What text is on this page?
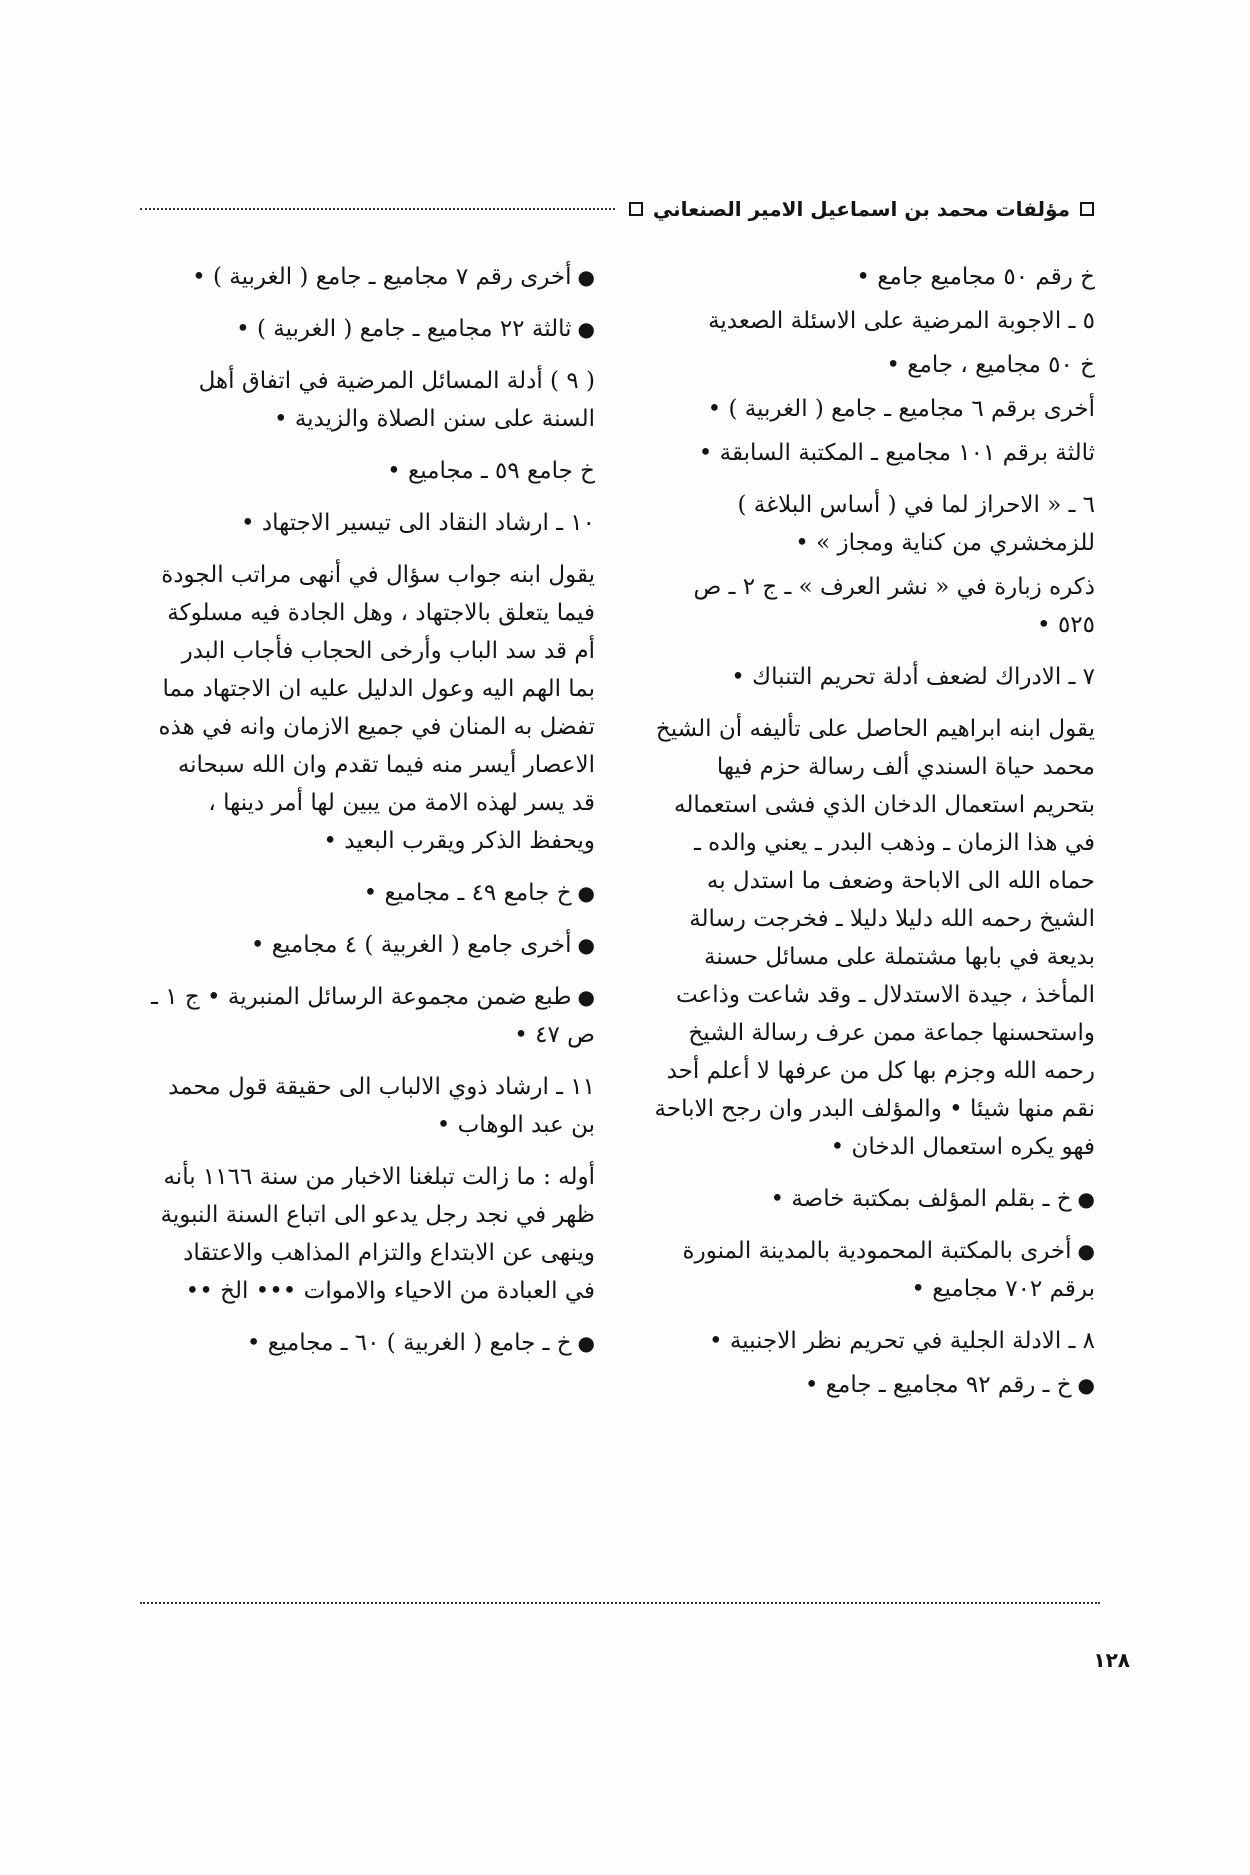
مؤلفات محمد بن اسماعيل الامير الصنعاني
خ رقم ٥٠ مجاميع جامع •
٥ ـ الاجوبة المرضية على الاسئلة الصعدية
خ ٥٠ مجاميع ، جامع •
أخرى برقم ٦ مجاميع ـ جامع ( الغربية ) •
ثالثة برقم ١٠١ مجاميع ـ المكتبة السابقة •
٦ ـ « الاحراز لما في ( أساس البلاغة ) للزمخشري من كناية ومجاز » •
ذكره زبارة في « نشر العرف » ـ ج ٢ ـ ص ٥٢٥ •
٧ ـ الادراك لضعف أدلة تحريم التنباك •
يقول ابنه ابراهيم الحاصل على تأليفه أن الشيخ محمد حياة السندي ألف رسالة حزم فيها بتحريم استعمال الدخان الذي فشى استعماله في هذا الزمان ـ وذهب البدر ـ يعني والده ـ حماه الله الى الاباحة وضعف ما استدل به الشيخ رحمه الله دليلا دليلا ـ فخرجت رسالة بديعة في بابها مشتملة على مسائل حسنة المأخذ ، جيدة الاستدلال ـ وقد شاعت وذاعت واستحسنها جماعة ممن عرف رسالة الشيخ رحمه الله وجزم بها كل من عرفها لا أعلم أحد نقم منها شيئا • والمؤلف البدر وان رجح الاباحة فهو يكره استعمال الدخان •
● خ ـ بقلم المؤلف بمكتبة خاصة •
● أخرى بالمكتبة المحمودية بالمدينة المنورة برقم ٧٠٢ مجاميع •
٨ ـ الادلة الجلية في تحريم نظر الاجنبية •
● خ ـ رقم ٩٢ مجاميع ـ جامع •
● أخرى رقم ٧ مجاميع ـ جامع ( الغربية ) •
● ثالثة ٢٢ مجاميع ـ جامع ( الغربية ) •
( ٩ ) أدلة المسائل المرضية في اتفاق أهل السنة على سنن الصلاة والزيدية •
خ جامع ٥٩ ـ مجاميع •
١٠ ـ ارشاد النقاد الى تيسير الاجتهاد •
يقول ابنه جواب سؤال في أنهى مراتب الجودة فيما يتعلق بالاجتهاد ، وهل الجادة فيه مسلوكة أم قد سد الباب وأرخى الحجاب فأجاب البدر بما الهم اليه وعول الدليل عليه ان الاجتهاد مما تفضل به المنان في جميع الازمان وانه في هذه الاعصار أيسر منه فيما تقدم وان الله سبحانه قد يسر لهذه الامة من يبين لها أمر دينها ، ويحفظ الذكر ويقرب البعيد •
● خ جامع ٤٩ ـ مجاميع •
● أخرى جامع ( الغربية ) ٤ مجاميع •
● طبع ضمن مجموعة الرسائل المنبرية • ج ١ ـ ص ٤٧ •
١١ ـ ارشاد ذوي الالباب الى حقيقة قول محمد بن عبد الوهاب •
أوله : ما زالت تبلغنا الاخبار من سنة ١١٦٦ بأنه ظهر في نجد رجل يدعو الى اتباع السنة النبوية وينهى عن الابتداع والتزام المذاهب والاعتقاد في العبادة من الاحياء والاموات ••• الخ ••
● خ ـ جامع ( الغربية ) ٦٠ ـ مجاميع •
١٢٨
